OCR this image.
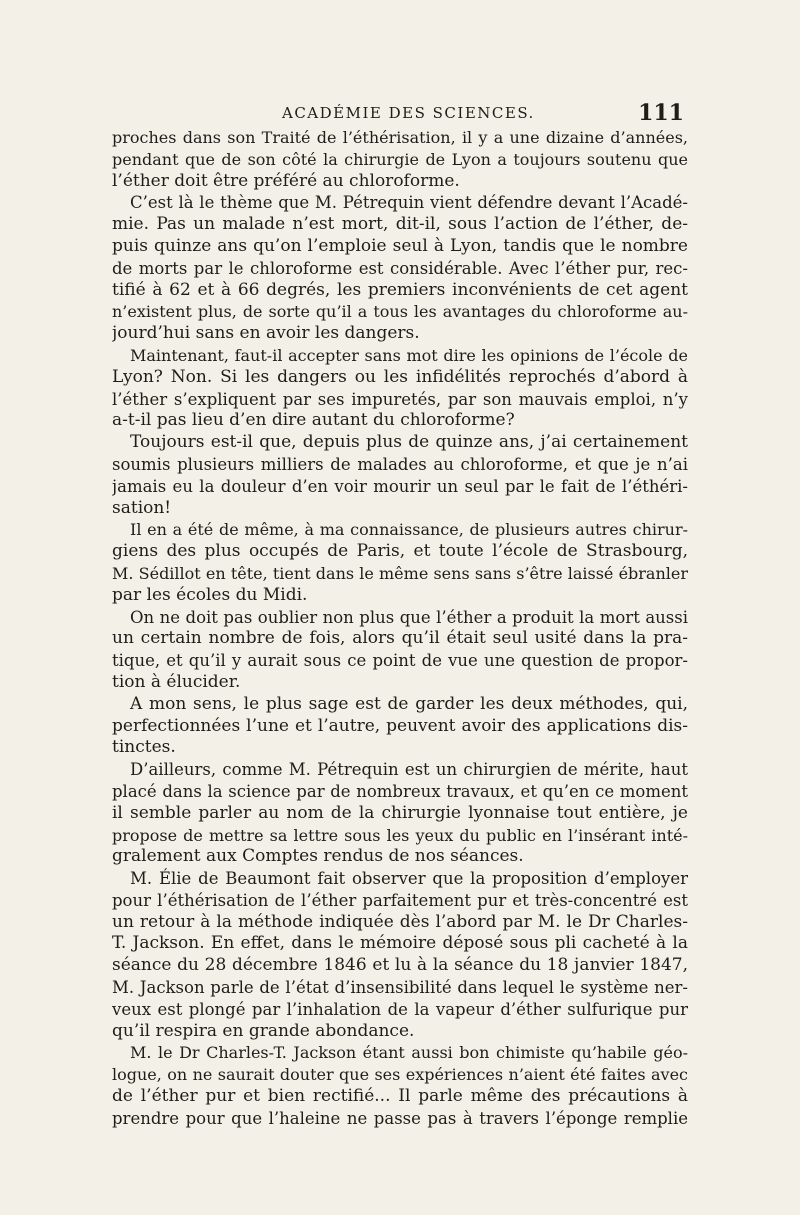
ACADÉMIE DES SCIENCES.	111
proches dans son Traité de l’éthérisation, il y a une dizaine d’années,
pendant que de son côté la chirurgie de Lyon a toujours soutenu que
l’éther doit être préféré au chloroforme.
C’est là le thème que M. Pétrequin vient défendre devant l’Acadé-
mie. Pas un malade n’est mort, dit-il, sous l’action de l’éther, de-
puis quinze ans qu’on l’emploie seul à Lyon, tandis que le nombre
de morts par le chloroforme est considérable. Avec l’éther pur, rec-
tifié à 62 et à 66 degrés, les premiers inconvénients de cet agent
n’existent plus, de sorte qu’il a tous les avantages du chloroforme au-
jourd’hui sans en avoir les dangers.
Maintenant, faut-il accepter sans mot dire les opinions de l’école de
Lyon? Non. Si les dangers ou les infidélités reprochés d’abord à
l’éther s’expliquent par ses impuretés, par son mauvais emploi, n’y
a-t-il pas lieu d’en dire autant du chloroforme?
Toujours est-il que, depuis plus de quinze ans, j’ai certainement
soumis plusieurs milliers de malades au chloroforme, et que je n’ai
jamais eu la douleur d’en voir mourir un seul par le fait de l’éthéri-
sation!
Il en a été de même, à ma connaissance, de plusieurs autres chirur-
giens des plus occupés de Paris, et toute l’école de Strasbourg,
M. Sédillot en tête, tient dans le même sens sans s’être laissé ébranler
par les écoles du Midi.
On ne doit pas oublier non plus que l’éther a produit la mort aussi
un certain nombre de fois, alors qu’il était seul usité dans la pra-
tique, et qu’il y aurait sous ce point de vue une question de propor-
tion à élucider.
A mon sens, le plus sage est de garder les deux méthodes, qui,
perfectionnées l’une et l’autre, peuvent avoir des applications dis-
tinctes.
D’ailleurs, comme M. Pétrequin est un chirurgien de mérite, haut
placé dans la science par de nombreux travaux, et qu’en ce moment
il semble parler au nom de la chirurgie lyonnaise tout entière, je
propose de mettre sa lettre sous les yeux du public en l’insérant inté-
gralement aux Comptes rendus de nos séances.
M. Élie de Beaumont fait observer que la proposition d’employer
pour l’éthérisation de l’éther parfaitement pur et très-concentré est
un retour à la méthode indiquée dès l’abord par M. le Dr Charles-
T. Jackson. En effet, dans le mémoire déposé sous pli cacheté à la
séance du 28 décembre 1846 et lu à la séance du 18 janvier 1847,
M. Jackson parle de l’état d’insensibilité dans lequel le système ner-
veux est plongé par l’inhalation de la vapeur d’éther sulfurique pur
qu’il respira en grande abondance.
M. le Dr Charles-T. Jackson étant aussi bon chimiste qu’habile géo-
logue, on ne saurait douter que ses expériences n’aient été faites avec
de l’éther pur et bien rectifié... Il parle même des précautions à
prendre pour que l’haleine ne passe pas à travers l’éponge remplie
